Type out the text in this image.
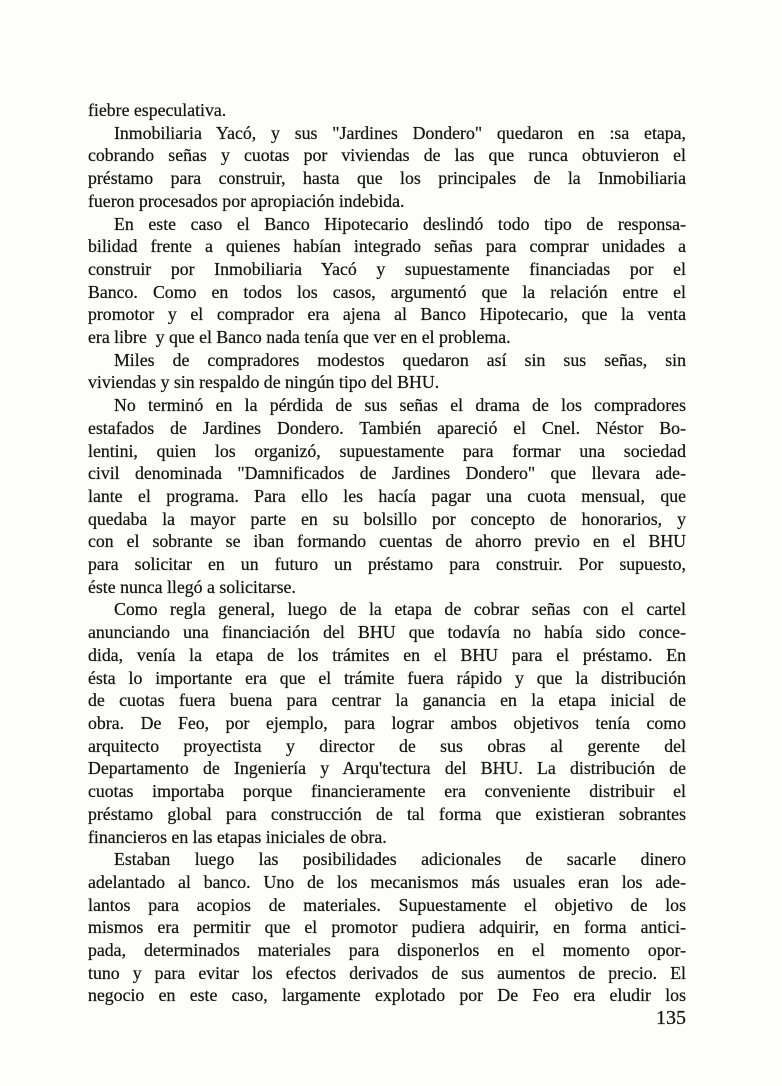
fiebre especulativa.
Inmobiliaria Yacó, y sus "Jardines Dondero" quedaron en :sa etapa,
cobrando señas y cuotas por viviendas de las que runca obtuvieron el
préstamo para construir, hasta que los principales de la Inmobiliaria
fueron procesados por apropiación indebida.
En este caso el Banco Hipotecario deslindó todo tipo de responsa-
bilidad frente a quienes habían integrado señas para comprar unidades a
construir por Inmobiliaria Yacó y supuestamente financiadas por el
Banco. Como en todos los casos, argumentó que la relación entre el
promotor y el comprador era ajena al Banco Hipotecario, que la venta
era libre  y que el Banco nada tenía que ver en el problema.
Miles de compradores modestos quedaron así sin sus señas, sin
viviendas y sin respaldo de ningún tipo del BHU.
No terminó en la pérdida de sus señas el drama de los compradores
estafados de Jardines Dondero. También apareció el Cnel. Néstor Bo-
lentini, quien los organizó, supuestamente para formar una sociedad
civil denominada "Damnificados de Jardines Dondero" que llevara ade-
lante el programa. Para ello les hacía pagar una cuota mensual, que
quedaba la mayor parte en su bolsillo por concepto de honorarios, y
con el sobrante se iban formando cuentas de ahorro previo en el BHU
para solicitar en un futuro un préstamo para construir. Por supuesto,
éste nunca llegó a solicitarse.
Como regla general, luego de la etapa de cobrar señas con el cartel
anunciando una financiación del BHU que todavía no había sido conce-
dida, venía la etapa de los trámites en el BHU para el préstamo. En
ésta lo importante era que el trámite fuera rápido y que la distribución
de cuotas fuera buena para centrar la ganancia en la etapa inicial de
obra. De Feo, por ejemplo, para lograr ambos objetivos tenía como
arquitecto proyectista y director de sus obras al gerente del
Departamento de Ingeniería y Arqu'tectura del BHU. La distribución de
cuotas importaba porque financieramente era conveniente distribuir el
préstamo global para construcción de tal forma que existieran sobrantes
financieros en las etapas iniciales de obra.
Estaban luego las posibilidades adicionales de sacarle dinero
adelantado al banco. Uno de los mecanismos más usuales eran los ade-
lantos para acopios de materiales. Supuestamente el objetivo de los
mismos era permitir que el promotor pudiera adquirir, en forma antici-
pada, determinados materiales para disponerlos en el momento opor-
tuno y para evitar los efectos derivados de sus aumentos de precio. El
negocio en este caso, largamente explotado por De Feo era eludir los
135
